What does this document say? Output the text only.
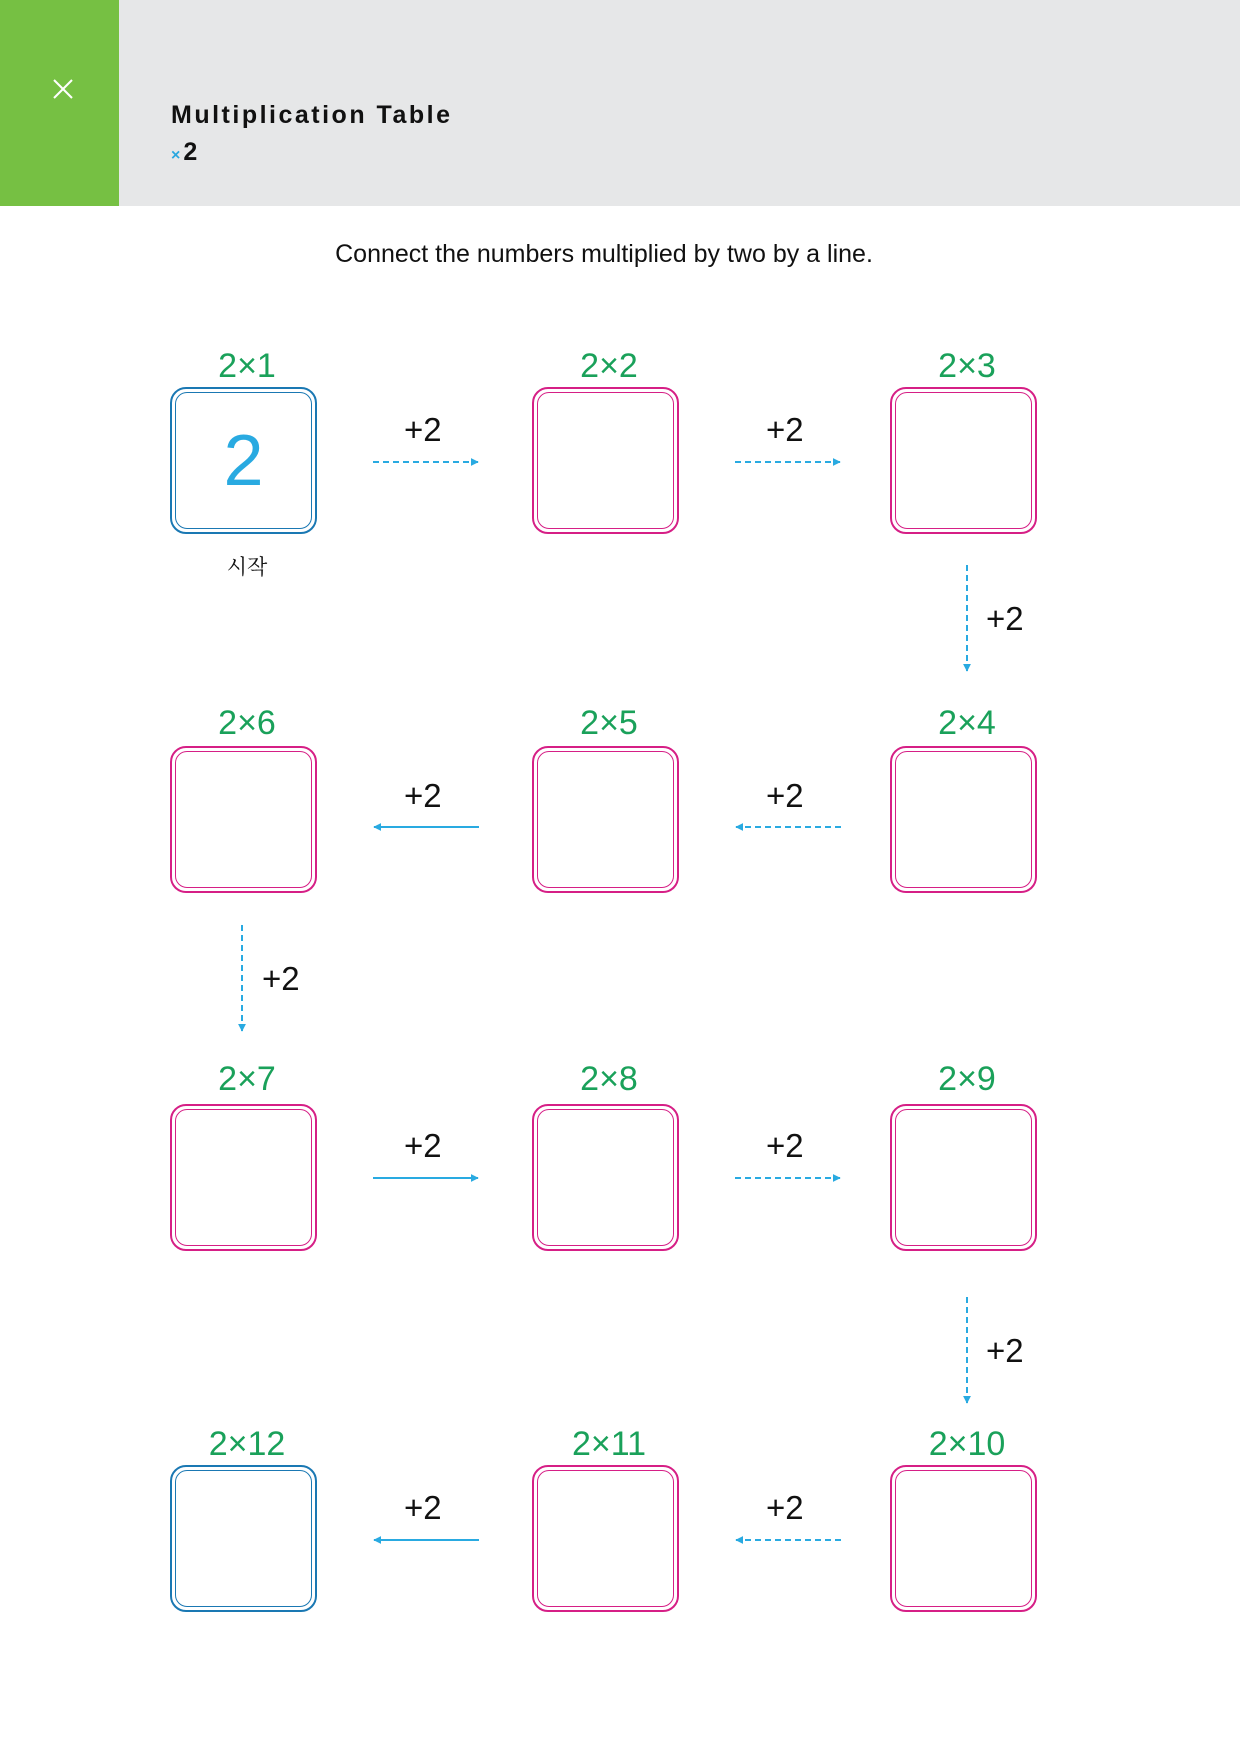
Multiplication Table
× 2
Connect the numbers multiplied by two by a line.
+2	+2
+2
+2
+2
+2
+2	+2
+2
+2
+2
2×1	2×2	2×3
2×4
2×5
2×6
2×7	2×8	2×9
2×10
2×11
2×12
2
시작
